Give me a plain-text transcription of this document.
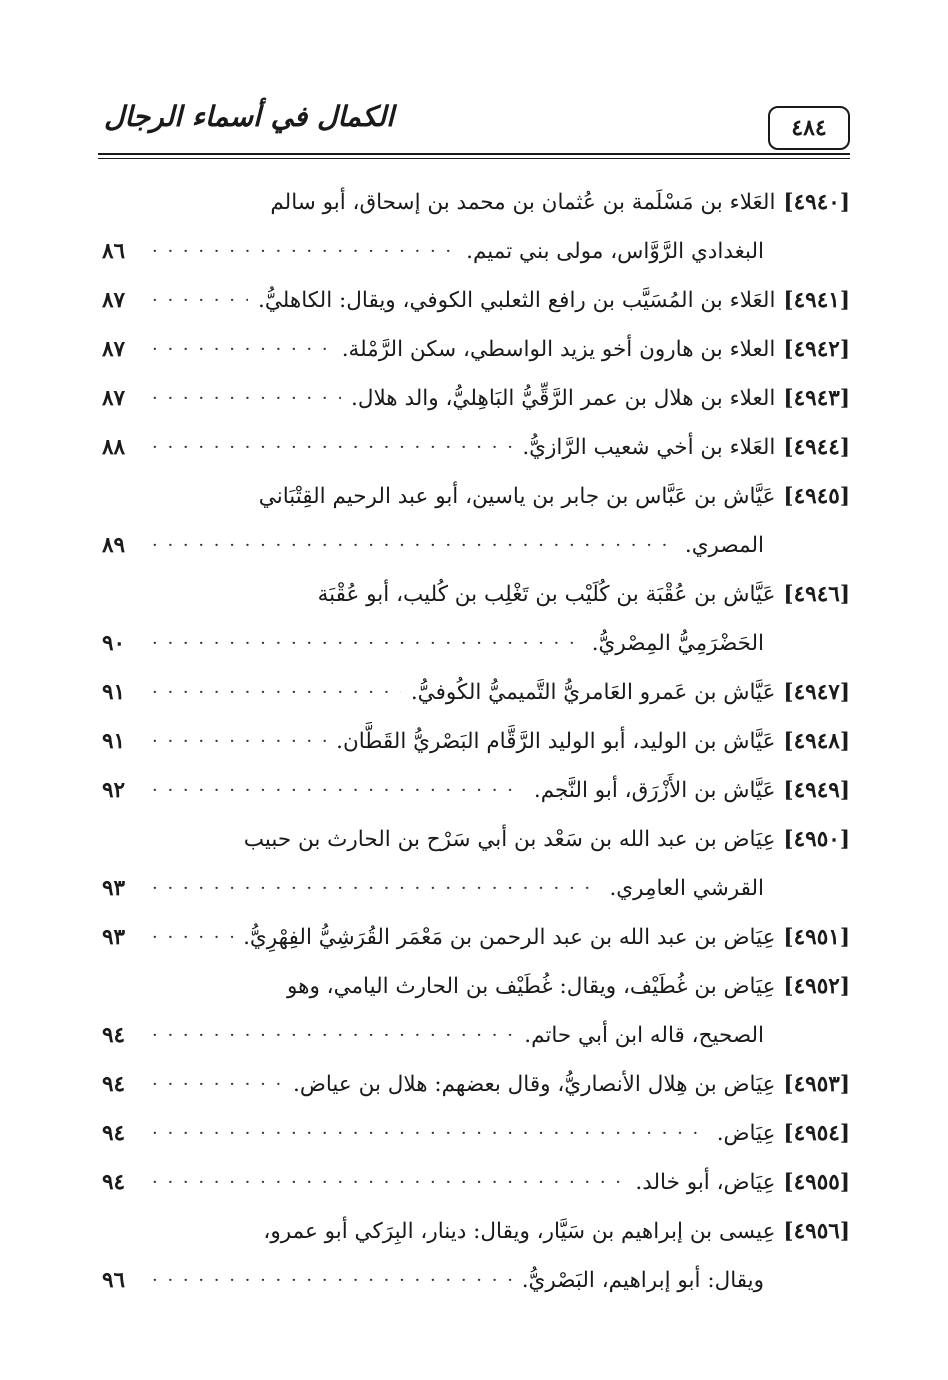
الكمال في أسماء الرجال	٤٨٤
[٤٩٤٠]
العَلاء بن مَسْلَمة بن عُثمان بن محمد بن إسحاق، أبو سالم
البغدادي الرَّوَّاس، مولى بني تميم.
· · ·
٨٦
[٤٩٤١]
العَلاء بن المُسَيَّب بن رافع الثعلبي الكوفي، ويقال: الكاهليُّ.
· · ·
٨٧
[٤٩٤٢]
العلاء بن هارون أخو يزيد الواسطي، سكن الرَّمْلة.
· · ·
٨٧
[٤٩٤٣]
العلاء بن هلال بن عمر الرَّقِّيُّ البَاهِليُّ، والد هلال.
· · ·
٨٧
[٤٩٤٤]
العَلاء بن أخي شعيب الرَّازيُّ.
· · ·
٨٨
[٤٩٤٥]
عَيَّاش بن عَبَّاس بن جابر بن ياسين، أبو عبد الرحيم القِتْبَاني
المصري.
· · ·
٨٩
[٤٩٤٦]
عَيَّاش بن عُقْبَة بن كُلَيْب بن تَغْلِب بن كُليب، أبو عُقْبَة
الحَضْرَمِيُّ المِصْريُّ.
· · ·
٩٠
[٤٩٤٧]
عَيَّاش بن عَمرو العَامريُّ التَّميميُّ الكُوفيُّ.
· · ·
٩١
[٤٩٤٨]
عَيَّاش بن الوليد، أبو الوليد الرَّقَّام البَصْريُّ القَطَّان.
· · ·
٩١
[٤٩٤٩]
عَيَّاش بن الأَزْرَق، أبو النَّجم.
· · ·
٩٢
[٤٩٥٠]
عِيَاض بن عبد الله بن سَعْد بن أبي سَرْح بن الحارث بن حبيب
القرشي العامِري.
· · ·
٩٣
[٤٩٥١]
عِيَاض بن عبد الله بن عبد الرحمن بن مَعْمَر القُرَشِيُّ الفِهْرِيُّ.
· · ·
٩٣
[٤٩٥٢]
عِيَاض بن غُطَيْف، ويقال: غُطَيْف بن الحارث اليامي، وهو
الصحيح، قاله ابن أبي حاتم.
· · ·
٩٤
[٤٩٥٣]
عِيَاض بن هِلال الأنصاريُّ، وقال بعضهم: هلال بن عياض.
· · ·
٩٤
[٤٩٥٤]
عِيَاض.
· · ·
٩٤
[٤٩٥٥]
عِيَاض، أبو خالد.
· · ·
٩٤
[٤٩٥٦]
عِيسى بن إبراهيم بن سَيَّار، ويقال: دينار، البِرَكي أبو عمرو،
ويقال: أبو إبراهيم، البَصْريُّ.
· · ·
٩٦
